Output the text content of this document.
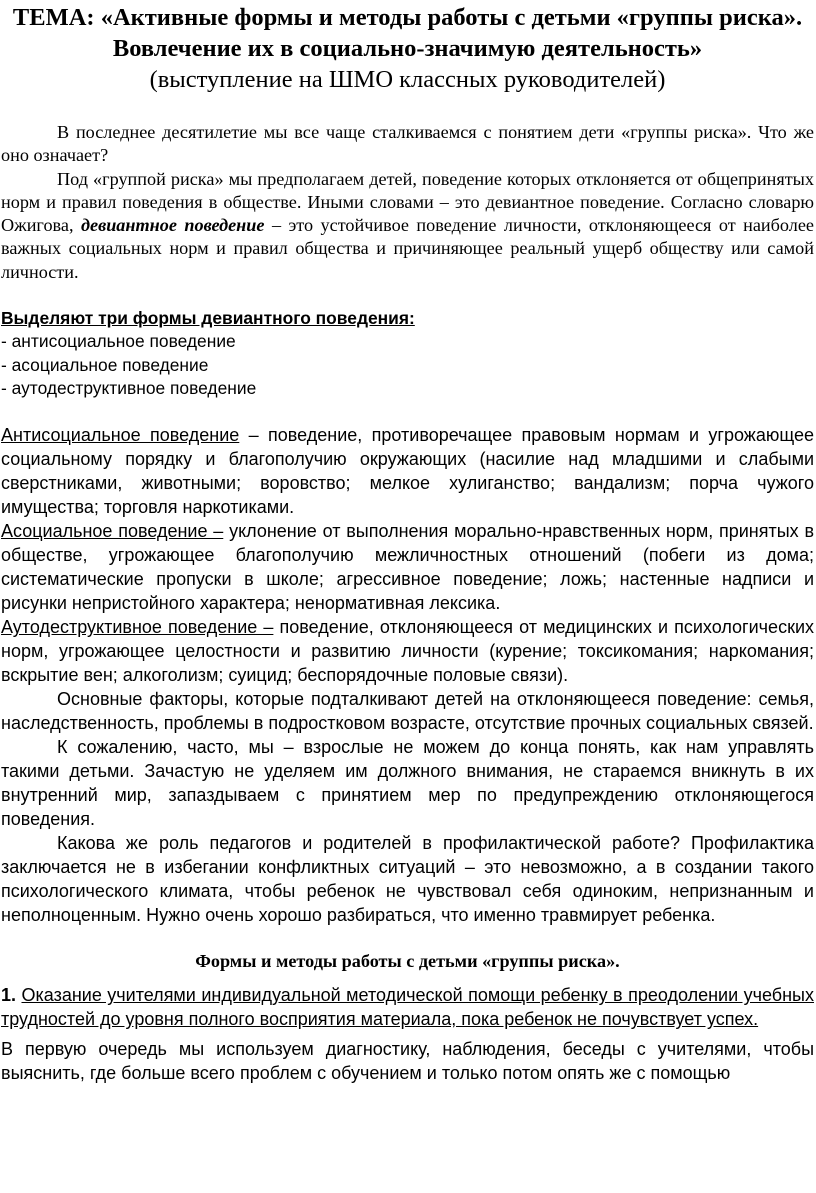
ТЕМА: «Активные формы и методы работы с детьми «группы риска».
Вовлечение их в социально-значимую деятельность»
(выступление на ШМО классных руководителей)

В последнее десятилетие мы все чаще сталкиваемся с понятием дети «группы риска». Что же оно означает?

Под «группой риска» мы предполагаем детей, поведение которых отклоняется от общепринятых норм и правил поведения в обществе. Иными словами – это девиантное поведение. Согласно словарю Ожигова, девиантное поведение – это устойчивое поведение личности, отклоняющееся от наиболее важных социальных норм и правил общества и причиняющее реальный ущерб обществу или самой личности.

Выделяют три формы девиантного поведения:

- антисоциальное поведение

- асоциальное поведение

- аутодеструктивное поведение

Антисоциальное поведение – поведение, противоречащее правовым нормам и угрожающее социальному порядку и благополучию окружающих (насилие над младшими и слабыми сверстниками, животными; воровство; мелкое хулиганство; вандализм; порча чужого имущества; торговля наркотиками.

Асоциальное поведение – уклонение от выполнения морально-нравственных норм, принятых в обществе, угрожающее благополучию межличностных отношений (побеги из дома; систематические пропуски в школе; агрессивное поведение; ложь; настенные надписи и рисунки непристойного характера; ненормативная лексика.

Аутодеструктивное поведение – поведение, отклоняющееся от медицинских и психологических норм, угрожающее целостности и развитию личности (курение; токсикомания; наркомания; вскрытие вен; алкоголизм; суицид; беспорядочные половые связи).

Основные факторы, которые подталкивают детей на отклоняющееся поведение: семья, наследственность, проблемы в подростковом возрасте, отсутствие прочных социальных связей.

К сожалению, часто, мы – взрослые не можем до конца понять, как нам управлять такими детьми. Зачастую не уделяем им должного внимания, не стараемся вникнуть в их внутренний мир, запаздываем с принятием мер по предупреждению отклоняющегося поведения.

Какова же роль педагогов и родителей в профилактической работе? Профилактика заключается не в избегании конфликтных ситуаций – это невозможно, а в создании такого психологического климата, чтобы ребенок не чувствовал себя одиноким, непризнанным и неполноценным. Нужно очень хорошо разбираться, что именно травмирует ребенка.

Формы и методы работы с детьми «группы риска».

1. Оказание учителями индивидуальной методической помощи ребенку в преодолении учебных трудностей до уровня полного восприятия материала, пока ребенок не почувствует успех.

В первую очередь мы используем диагностику, наблюдения, беседы с учителями, чтобы выяснить, где больше всего проблем с обучением и только потом опять же с помощью
